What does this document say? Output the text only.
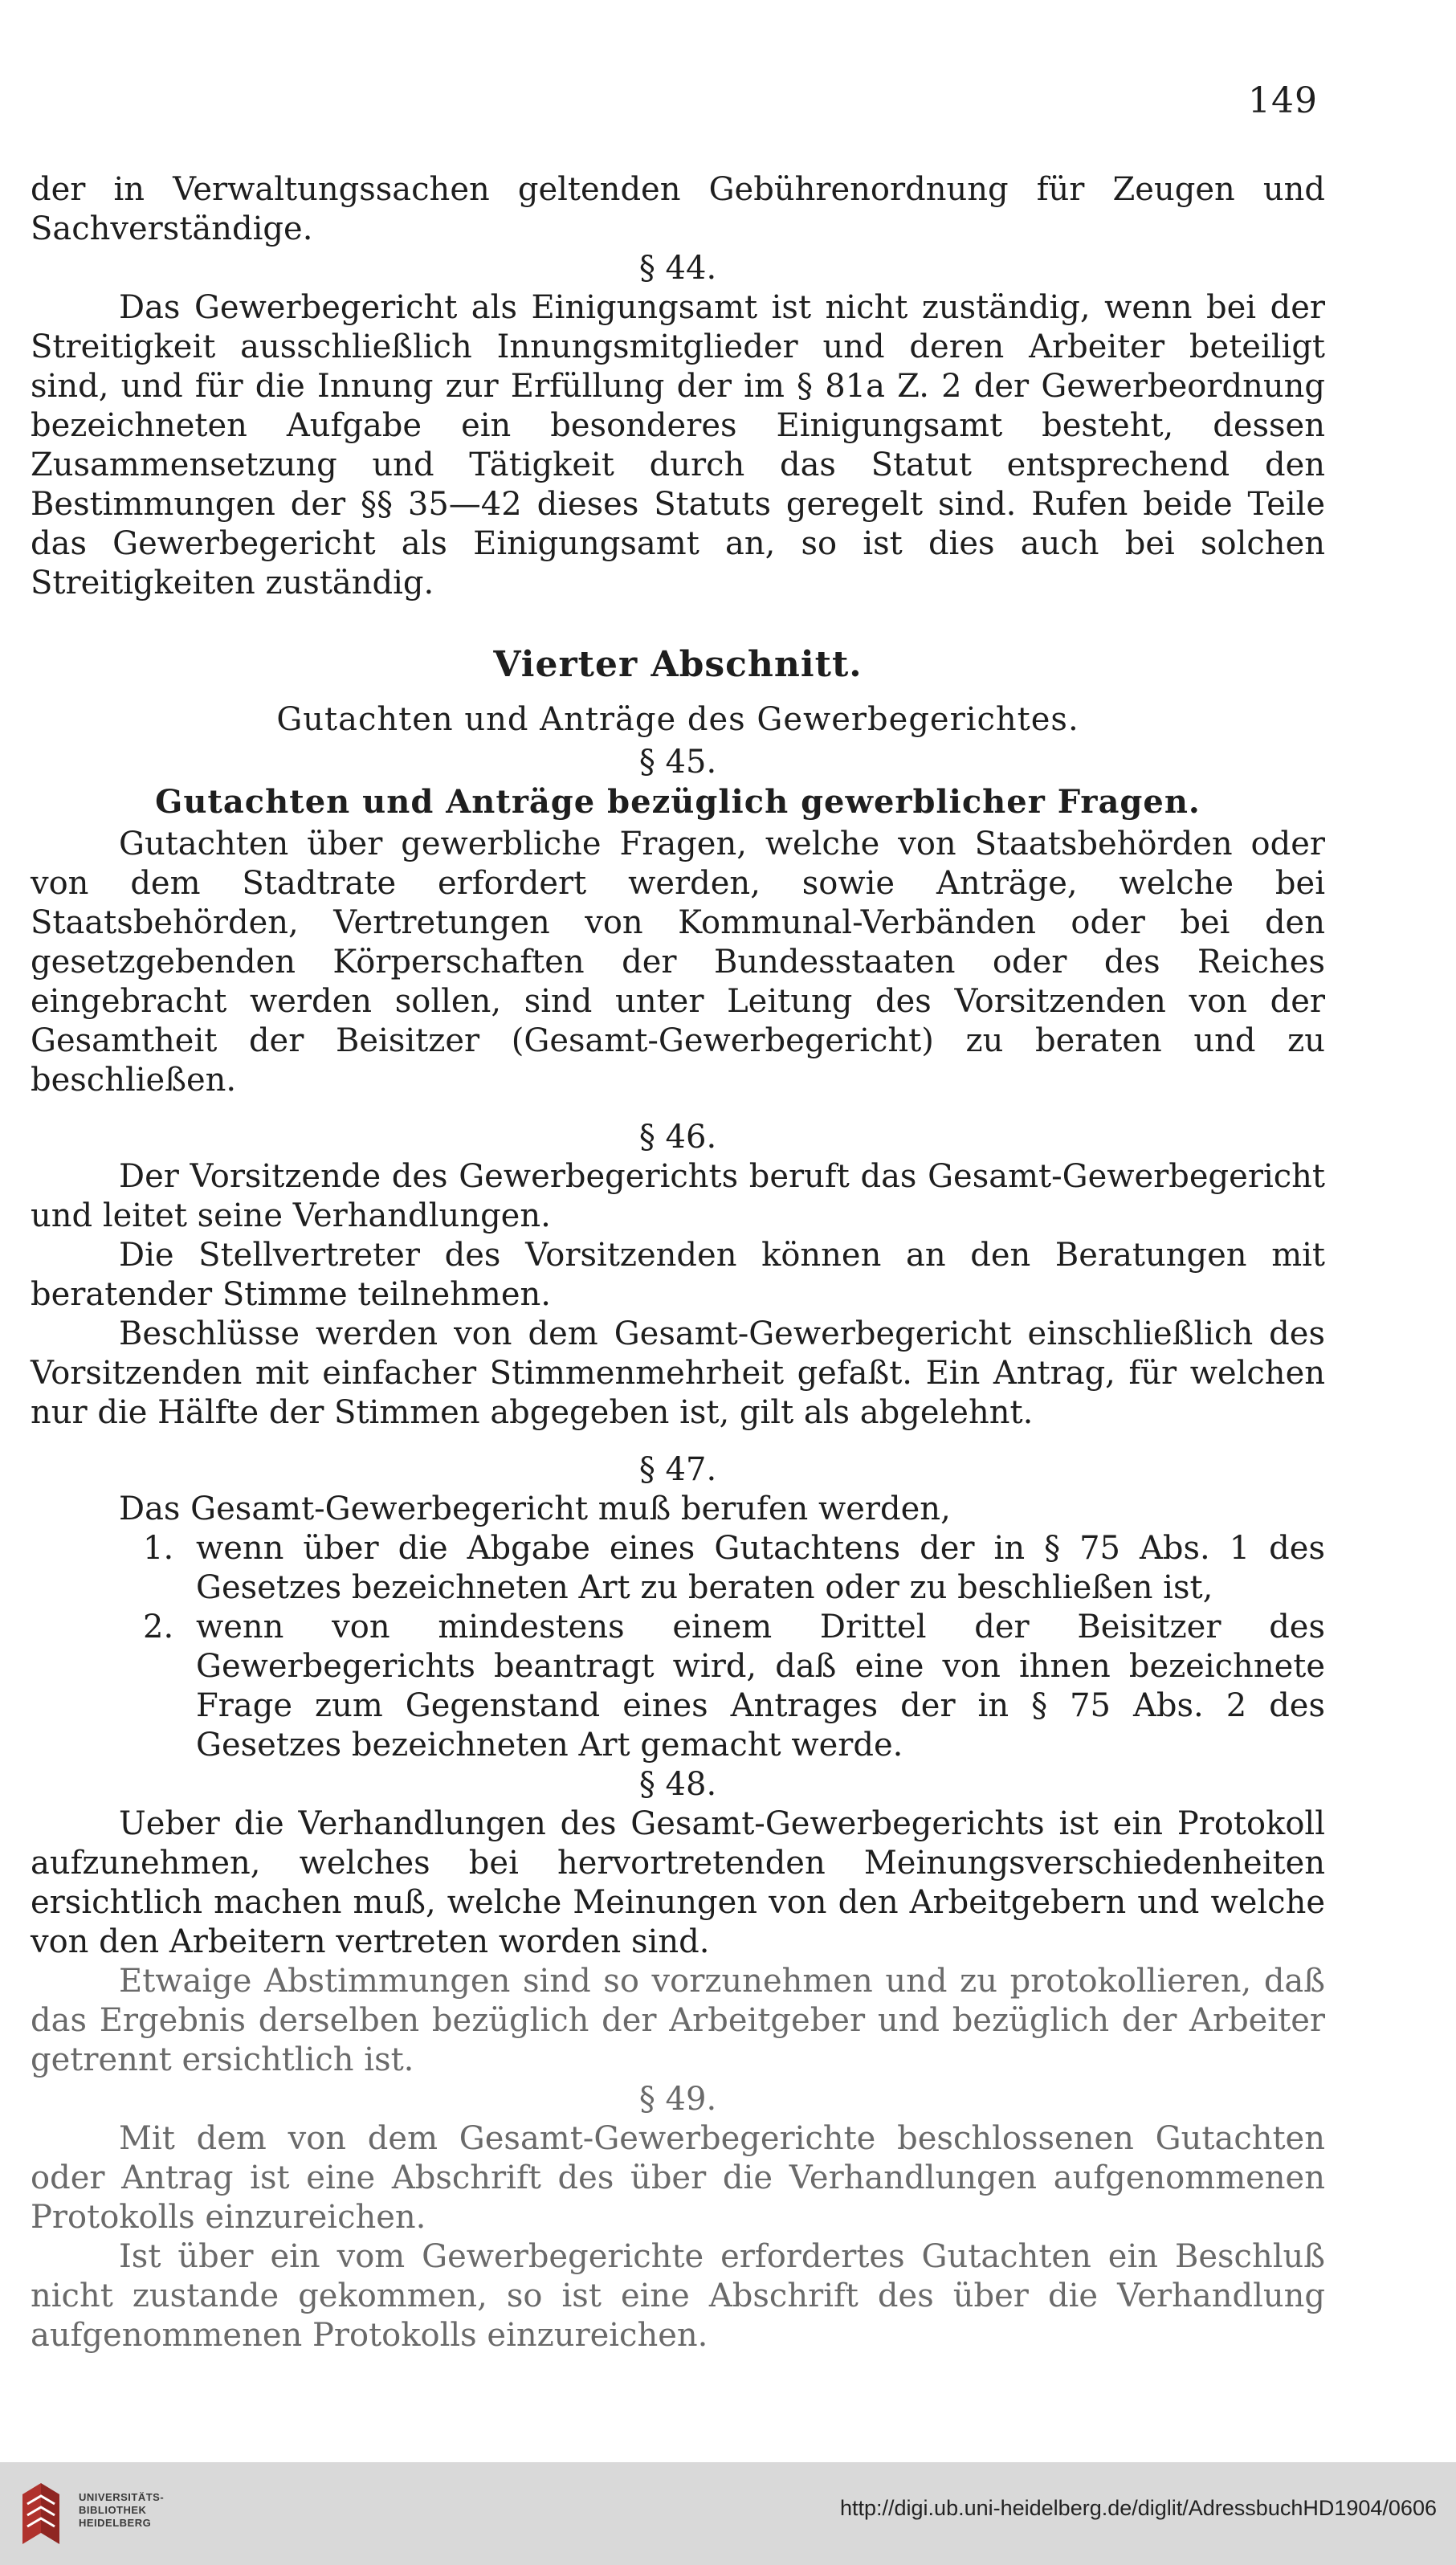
149

der in Verwaltungssachen geltenden Gebührenordnung für Zeugen und Sachverständige.

§ 44.

Das Gewerbegericht als Einigungsamt ist nicht zuständig, wenn bei der Streitigkeit ausschließlich Innungsmitglieder und deren Arbeiter beteiligt sind, und für die Innung zur Erfüllung der im § 81a Z. 2 der Gewerbeordnung bezeichneten Aufgabe ein besonderes Einigungsamt besteht, dessen Zusammensetzung und Tätigkeit durch das Statut entsprechend den Bestimmungen der §§ 35—42 dieses Statuts geregelt sind. Rufen beide Teile das Gewerbegericht als Einigungsamt an, so ist dies auch bei solchen Streitigkeiten zuständig.

Vierter Abschnitt.
Gutachten und Anträge des Gewerbegerichtes.

§ 45.

Gutachten und Anträge bezüglich gewerblicher Fragen.

Gutachten über gewerbliche Fragen, welche von Staatsbehörden oder von dem Stadtrate erfordert werden, sowie Anträge, welche bei Staatsbehörden, Vertretungen von Kommunal-Verbänden oder bei den gesetzgebenden Körperschaften der Bundesstaaten oder des Reiches eingebracht werden sollen, sind unter Leitung des Vorsitzenden von der Gesamtheit der Beisitzer (Gesamt-Gewerbegericht) zu beraten und zu beschließen.

§ 46.

Der Vorsitzende des Gewerbegerichts beruft das Gesamt-Gewerbegericht und leitet seine Verhandlungen.

Die Stellvertreter des Vorsitzenden können an den Beratungen mit beratender Stimme teilnehmen.

Beschlüsse werden von dem Gesamt-Gewerbegericht einschließlich des Vorsitzenden mit einfacher Stimmenmehrheit gefaßt. Ein Antrag, für welchen nur die Hälfte der Stimmen abgegeben ist, gilt als abgelehnt.

§ 47.

Das Gesamt-Gewerbegericht muß berufen werden,

1. wenn über die Abgabe eines Gutachtens der in § 75 Abs. 1 des Gesetzes bezeichneten Art zu beraten oder zu beschließen ist,
2. wenn von mindestens einem Drittel der Beisitzer des Gewerbegerichts beantragt wird, daß eine von ihnen bezeichnete Frage zum Gegenstand eines Antrages der in § 75 Abs. 2 des Gesetzes bezeichneten Art gemacht werde.

§ 48.

Ueber die Verhandlungen des Gesamt-Gewerbegerichts ist ein Protokoll aufzunehmen, welches bei hervortretenden Meinungsverschiedenheiten ersichtlich machen muß, welche Meinungen von den Arbeitgebern und welche von den Arbeitern vertreten worden sind.

Etwaige Abstimmungen sind so vorzunehmen und zu protokollieren, daß das Ergebnis derselben bezüglich der Arbeitgeber und bezüglich der Arbeiter getrennt ersichtlich ist.

§ 49.

Mit dem von dem Gesamt-Gewerbegerichte beschlossenen Gutachten oder Antrag ist eine Abschrift des über die Verhandlungen aufgenommenen Protokolls einzureichen.

Ist über ein vom Gewerbegerichte erfordertes Gutachten ein Beschluß nicht zustande gekommen, so ist eine Abschrift des über die Verhandlung aufgenommenen Protokolls einzureichen.

UNIVERSITÄTS-
BIBLIOTHEK
HEIDELBERG
http://digi.ub.uni-heidelberg.de/diglit/AdressbuchHD1904/0606
